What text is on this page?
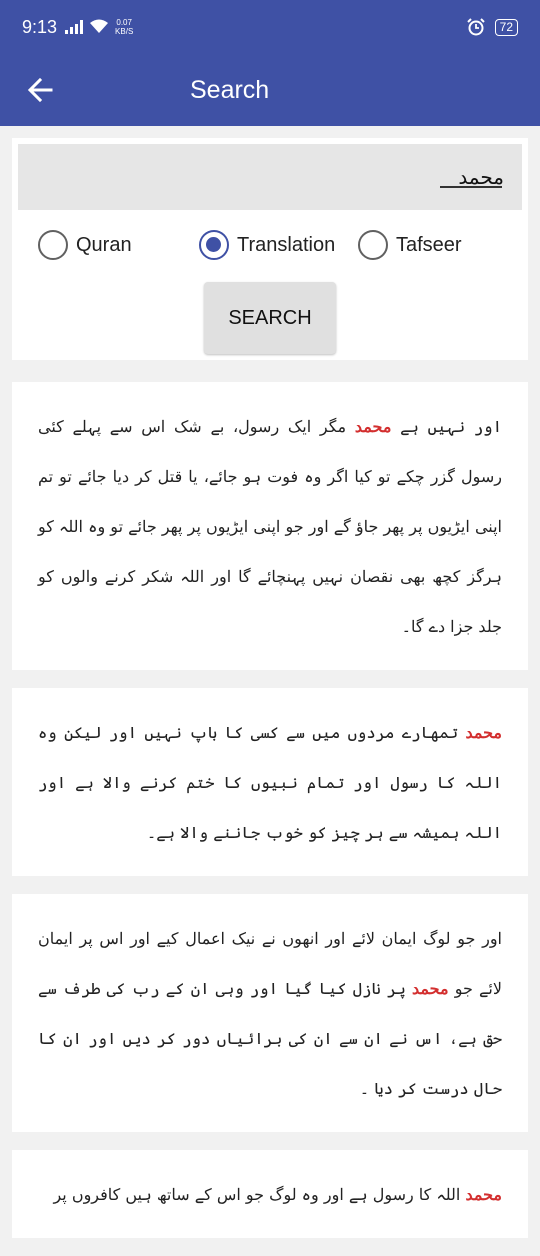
9:13	0.07
KB/S	72
Search
محمد
Quran	Translation	Tafseer
SEARCH

اور نہیں ہے محمد مگر ایک رسول، بے شک اس سے پہلے کئی رسول گزر چکے تو کیا اگر وہ فوت ہو جائے، یا قتل کر دیا جائے تو تم اپنی ایڑیوں پر پھر جاؤ گے اور جو اپنی ایڑیوں پر پھر جائے تو وہ اللہ کو ہرگز کچھ بھی نقصان نہیں پہنچائے گا اور اللہ شکر کرنے والوں کو جلد جزا دے گا۔

محمد تمھارے مردوں میں سے کسی کا باپ نہیں اور لیکن وہ اللہ کا رسول اور تمام نبیوں کا ختم کرنے والا ہے اور اللہ ہمیشہ سے ہر چیز کو خوب جاننے والا ہے۔

اور جو لوگ ایمان لائے اور انھوں نے نیک اعمال کیے اور اس پر ایمان لائے جو محمد پر نازل کیا گیا اور وہی ان کے رب کی طرف سے حق ہے، اس نے ان سے ان کی برائیاں دور کر دیں اور ان کا حال درست کر دیا ۔

محمد اللہ کا رسول ہے اور وہ لوگ جو اس کے ساتھ ہیں کافروں پر
